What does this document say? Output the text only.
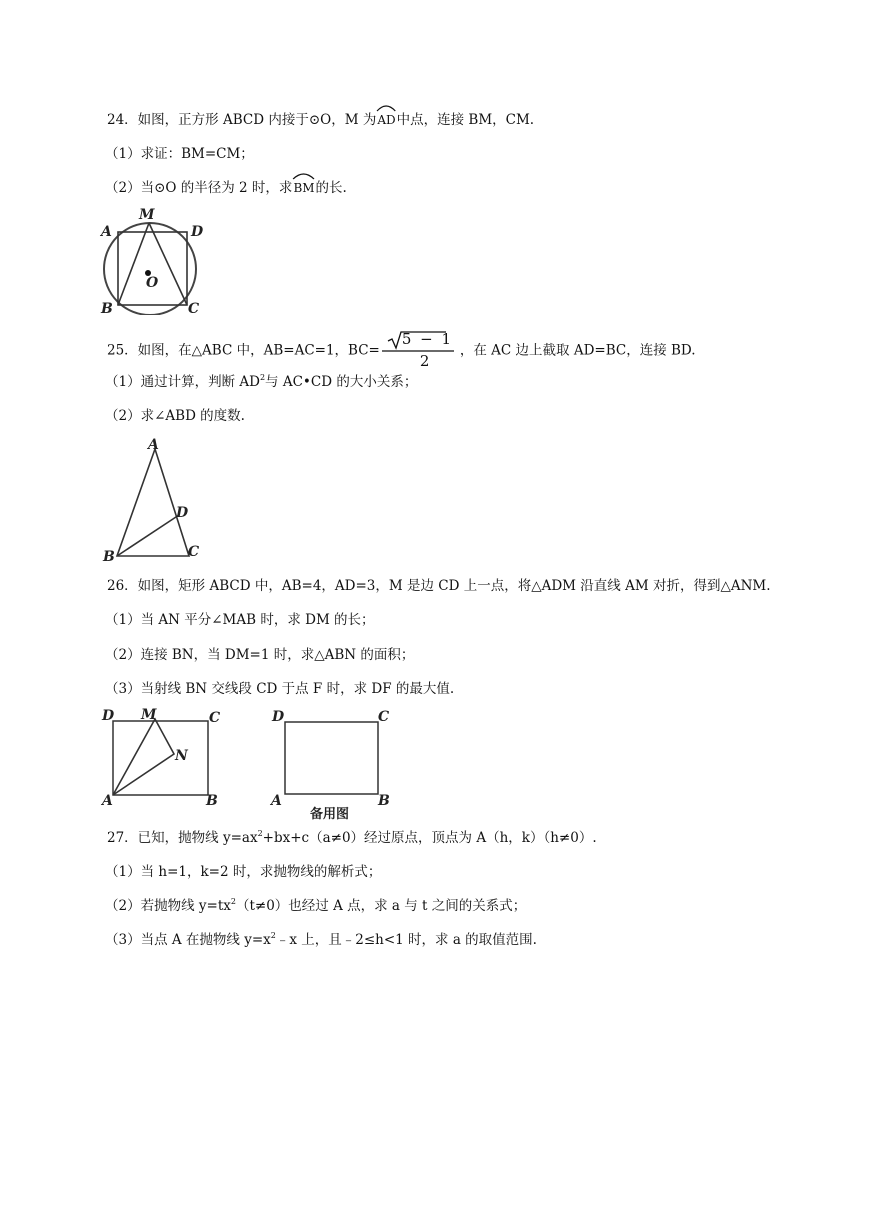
24．如图，正方形 ABCD 内接于⊙O，M 为
AD中点，连接 BM，CM.
（1）求证：BM=CM；
（2）当⊙O 的半径为 2 时，求
BM的长.
A
M
D
O
B	C
25．如图，在△ABC 中，AB=AC=1，BC=
5 − 1
2
，在 AC 边上截取 AD=BC，连接 BD.
（1）通过计算，判断 $AD^2$与 AC•CD 的大小关系；
（2）求∠ABD 的度数.
A
D
B	C
26．如图，矩形 ABCD 中，AB=4，AD=3，M 是边 CD 上一点，将△ADM 沿直线 AM 对折，得到△ANM.
（1）当 AN 平分∠MAB 时，求 DM 的长；
（2）连接 BN，当 DM=1 时，求△ABN 的面积；
（3）当射线 BN 交线段 CD 于点 F 时，求 DF 的最大值.
D M	C
N
A	B
D	C
A	B
备用图
27．已知，抛物线 $y=ax^2+bx+c(a\ne 0)$经过原点，顶点为 A（h，k）（h≠0）.
（1）当 h=1，k=2 时，求抛物线的解析式；
（2）若抛物线 $y=tx^2(t\ne 0)$也经过 A 点，求 a 与 t 之间的关系式；
（3）当点 A 在抛物线 $y=x^2﹣x$ 上，且﹣2≤h<1 时，求 a 的取值范围.
